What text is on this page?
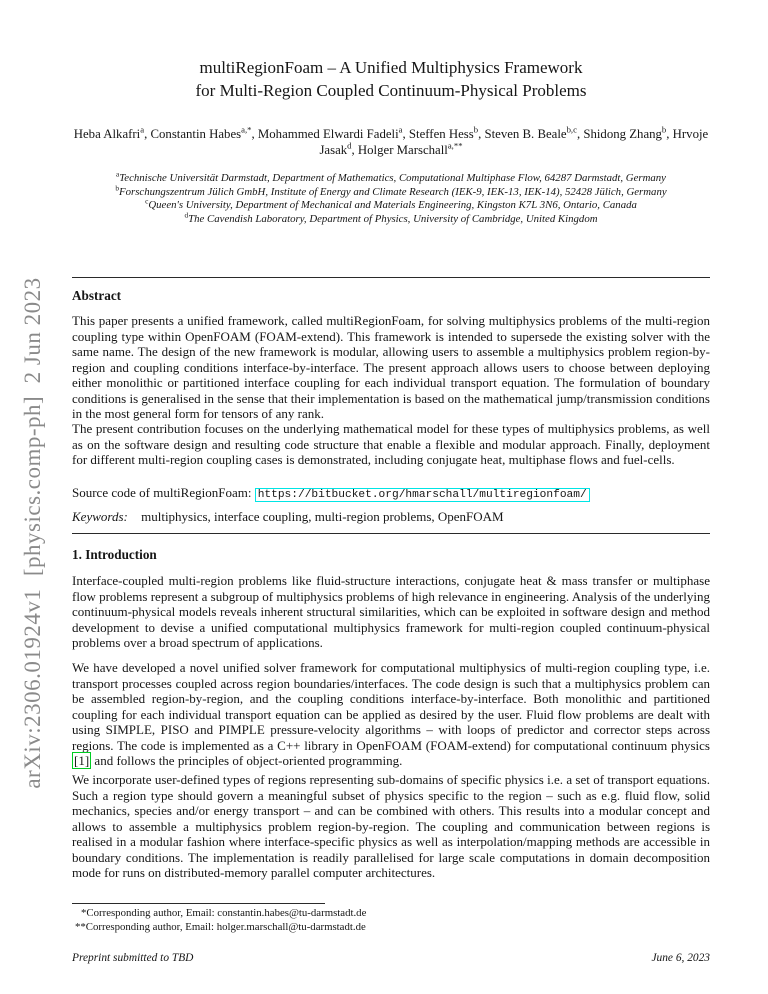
arXiv:2306.01924v1  [physics.comp-ph]  2 Jun 2023
multiRegionFoam – A Unified Multiphysics Framework
for Multi-Region Coupled Continuum-Physical Problems
Heba Alkafri$^a$, Constantin Habes$^{a,*}$, Mohammed Elwardi Fadeli$^a$, Steffen Hess$^b$, Steven B. Beale$^{b,c}$, Shidong Zhang$^b$, Hrvoje Jasak$^d$, Holger Marschall$^{a,**}$
$^a$Technische Universität Darmstadt, Department of Mathematics, Computational Multiphase Flow, 64287 Darmstadt, Germany
$^b$Forschungszentrum Jülich GmbH, Institute of Energy and Climate Research (IEK-9, IEK-13, IEK-14), 52428 Jülich, Germany
$^c$Queen's University, Department of Mechanical and Materials Engineering, Kingston K7L 3N6, Ontario, Canada
$^d$The Cavendish Laboratory, Department of Physics, University of Cambridge, United Kingdom
Abstract
This paper presents a unified framework, called multiRegionFoam, for solving multiphysics problems of the multi-region coupling type within OpenFOAM (FOAM-extend). This framework is intended to supersede the existing solver with the same name. The design of the new framework is modular, allowing users to assemble a multiphysics problem region-by-region and coupling conditions interface-by-interface. The present approach allows users to choose between deploying either monolithic or partitioned interface coupling for each individual transport equation. The formulation of boundary conditions is generalised in the sense that their implementation is based on the mathematical jump/transmission conditions in the most general form for tensors of any rank.
The present contribution focuses on the underlying mathematical model for these types of multiphysics problems, as well as on the software design and resulting code structure that enable a flexible and modular approach. Finally, deployment for different multi-region coupling cases is demonstrated, including conjugate heat, multiphase flows and fuel-cells.
Source code of multiRegionFoam: https://bitbucket.org/hmarschall/multiregionfoam/
Keywords: multiphysics, interface coupling, multi-region problems, OpenFOAM
1. Introduction
Interface-coupled multi-region problems like fluid-structure interactions, conjugate heat & mass transfer or multiphase flow problems represent a subgroup of multiphysics problems of high relevance in engineering. Analysis of the underlying continuum-physical models reveals inherent structural similarities, which can be exploited in software design and method development to devise a unified computational multiphysics framework for multi-region coupled continuum-physical problems over a broad spectrum of applications.
We have developed a novel unified solver framework for computational multiphysics of multi-region coupling type, i.e. transport processes coupled across region boundaries/interfaces. The code design is such that a multiphysics problem can be assembled region-by-region, and the coupling conditions interface-by-interface. Both monolithic and partitioned coupling for each individual transport equation can be applied as desired by the user. Fluid flow problems are dealt with using SIMPLE, PISO and PIMPLE pressure-velocity algorithms – with loops of predictor and corrector steps across regions. The code is implemented as a C++ library in OpenFOAM (FOAM-extend) for computational continuum physics [1] and follows the principles of object-oriented programming.
We incorporate user-defined types of regions representing sub-domains of specific physics i.e. a set of transport equations. Such a region type should govern a meaningful subset of physics specific to the region – such as e.g. fluid flow, solid mechanics, species and/or energy transport – and can be combined with others. This results into a modular concept and allows to assemble a multiphysics problem region-by-region. The coupling and communication between regions is realised in a modular fashion where interface-specific physics as well as interpolation/mapping methods are accessible in boundary conditions. The implementation is readily parallelised for large scale computations in domain decomposition mode for runs on distributed-memory parallel computer architectures.
*Corresponding author, Email: constantin.habes@tu-darmstadt.de
**Corresponding author, Email: holger.marschall@tu-darmstadt.de
Preprint submitted to TBD	June 6, 2023
